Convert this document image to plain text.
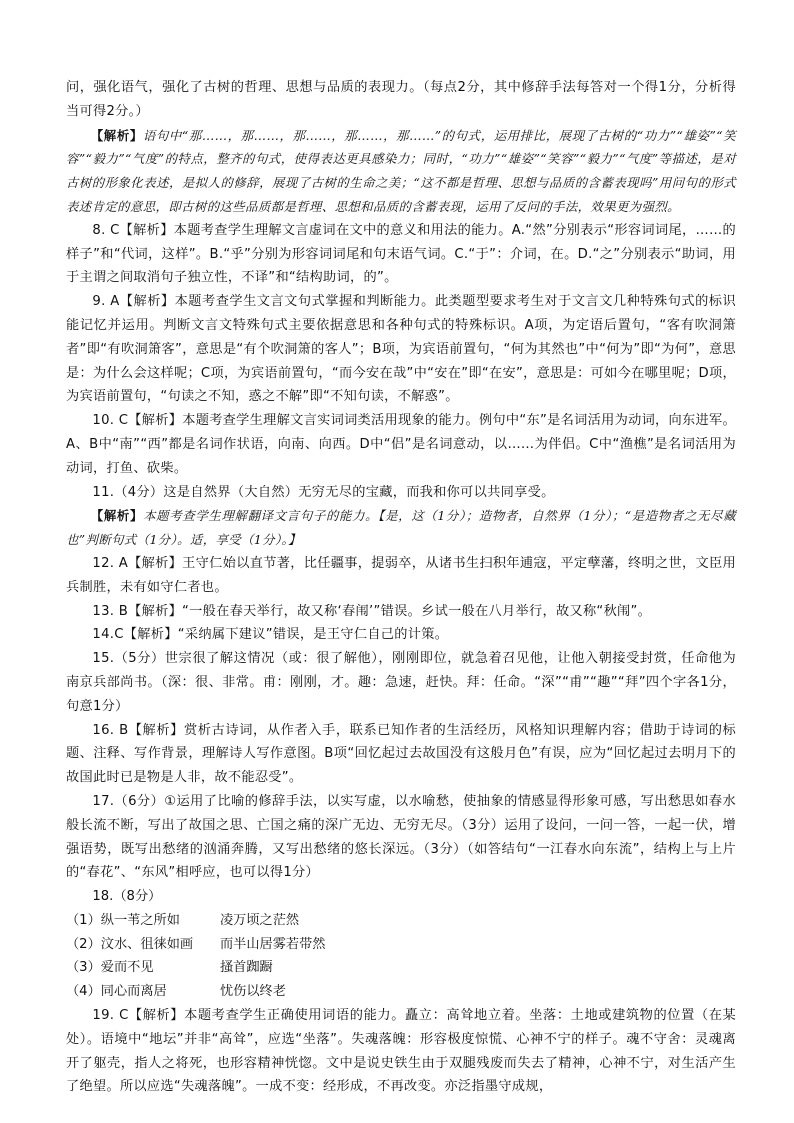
问，强化语气，强化了古树的哲理、思想与品质的表现力。（每点2分，其中修辞手法每答对一个得1分，分析得当可得2分。）

【解析】语句中“那……，那……，那……，那……，那……”的句式，运用排比，展现了古树的“功力”“雄姿”“笑容”“毅力”“气度”的特点，整齐的句式，使得表达更具感染力；同时，“功力”“雄姿”“笑容”“毅力”“气度”等描述，是对古树的形象化表述，是拟人的修辞，展现了古树的生命之美；“这不都是哲理、思想与品质的含蓄表现吗”用问句的形式表述肯定的意思，即古树的这些品质都是哲理、思想和品质的含蓄表现，运用了反问的手法，效果更为强烈。

8. C【解析】本题考查学生理解文言虚词在文中的意义和用法的能力。A.“然”分别表示“形容词词尾，……的样子”和“代词，这样”。B.“乎”分别为形容词词尾和句末语气词。C.“于”：介词，在。D.“之”分别表示“助词，用于主谓之间取消句子独立性，不译”和“结构助词，的”。

9. A【解析】本题考查学生文言文句式掌握和判断能力。此类题型要求考生对于文言文几种特殊句式的标识能记忆并运用。判断文言文特殊句式主要依据意思和各种句式的特殊标识。A项，为定语后置句，“客有吹洞箫者”即“有吹洞箫客”，意思是“有个吹洞箫的客人”；B项，为宾语前置句，“何为其然也”中“何为”即“为何”，意思是：为什么会这样呢；C项，为宾语前置句，“而今安在哉”中“安在”即“在安”，意思是：可如今在哪里呢；D项，为宾语前置句，“句读之不知，惑之不解”即“不知句读，不解惑”。

10. C【解析】本题考查学生理解文言实词词类活用现象的能力。例句中“东”是名词活用为动词，向东进军。A、B中“南”“西”都是名词作状语，向南、向西。D中“侣”是名词意动，以……为伴侣。C中“渔樵”是名词活用为动词，打鱼、砍柴。

11.（4分）这是自然界（大自然）无穷无尽的宝藏，而我和你可以共同享受。

【解析】本题考查学生理解翻译文言句子的能力。【是，这（1分）；造物者，自然界（1分）；“是造物者之无尽藏也”判断句式（1分）。适，享受（1分）。】

12. A【解析】王守仁始以直节著，比任疆事，提弱卒，从诸书生扫积年逋寇，平定孽藩，终明之世，文臣用兵制胜，未有如守仁者也。

13. B【解析】“一般在春天举行，故又称‘春闱’”错误。乡试一般在八月举行，故又称“秋闱”。

14.C【解析】“采纳属下建议”错误，是王守仁自己的计策。

15.（5分）世宗很了解这情况（或：很了解他），刚刚即位，就急着召见他，让他入朝接受封赏，任命他为南京兵部尚书。（深：很、非常。甫：刚刚，才。趣：急速，赶快。拜：任命。“深”“甫”“趣”“拜”四个字各1分，句意1分）

16. B【解析】赏析古诗词，从作者入手，联系已知作者的生活经历，风格知识理解内容；借助于诗词的标题、注释、写作背景，理解诗人写作意图。B项“回忆起过去故国没有这般月色”有误，应为“回忆起过去明月下的故国此时已是物是人非，故不能忍受”。

17.（6分）①运用了比喻的修辞手法，以实写虚，以水喻愁，使抽象的情感显得形象可感，写出愁思如春水般长流不断，写出了故国之思、亡国之痛的深广无边、无穷无尽。（3分）运用了设问，一问一答，一起一伏，增强语势，既写出愁绪的汹涌奔腾，又写出愁绪的悠长深远。（3分）（如答结句“一江春水向东流”，结构上与上片的“春花”、“东风”相呼应，也可以得1分）

18.（8分）

（1）纵一苇之所如	凌万顷之茫然
（2）汶水、徂徕如画	而半山居雾若带然
（3）爱而不见	搔首踟蹰
（4）同心而离居	忧伤以终老

19. C【解析】本题考查学生正确使用词语的能力。矗立：高耸地立着。坐落：土地或建筑物的位置（在某处）。语境中“地坛”并非“高耸”，应选“坐落”。失魂落魄：形容极度惊慌、心神不宁的样子。魂不守舍：灵魂离开了躯壳，指人之将死，也形容精神恍惚。文中是说史铁生由于双腿残废而失去了精神，心神不宁，对生活产生了绝望。所以应选“失魂落魄”。一成不变：经形成，不再改变。亦泛指墨守成规，
